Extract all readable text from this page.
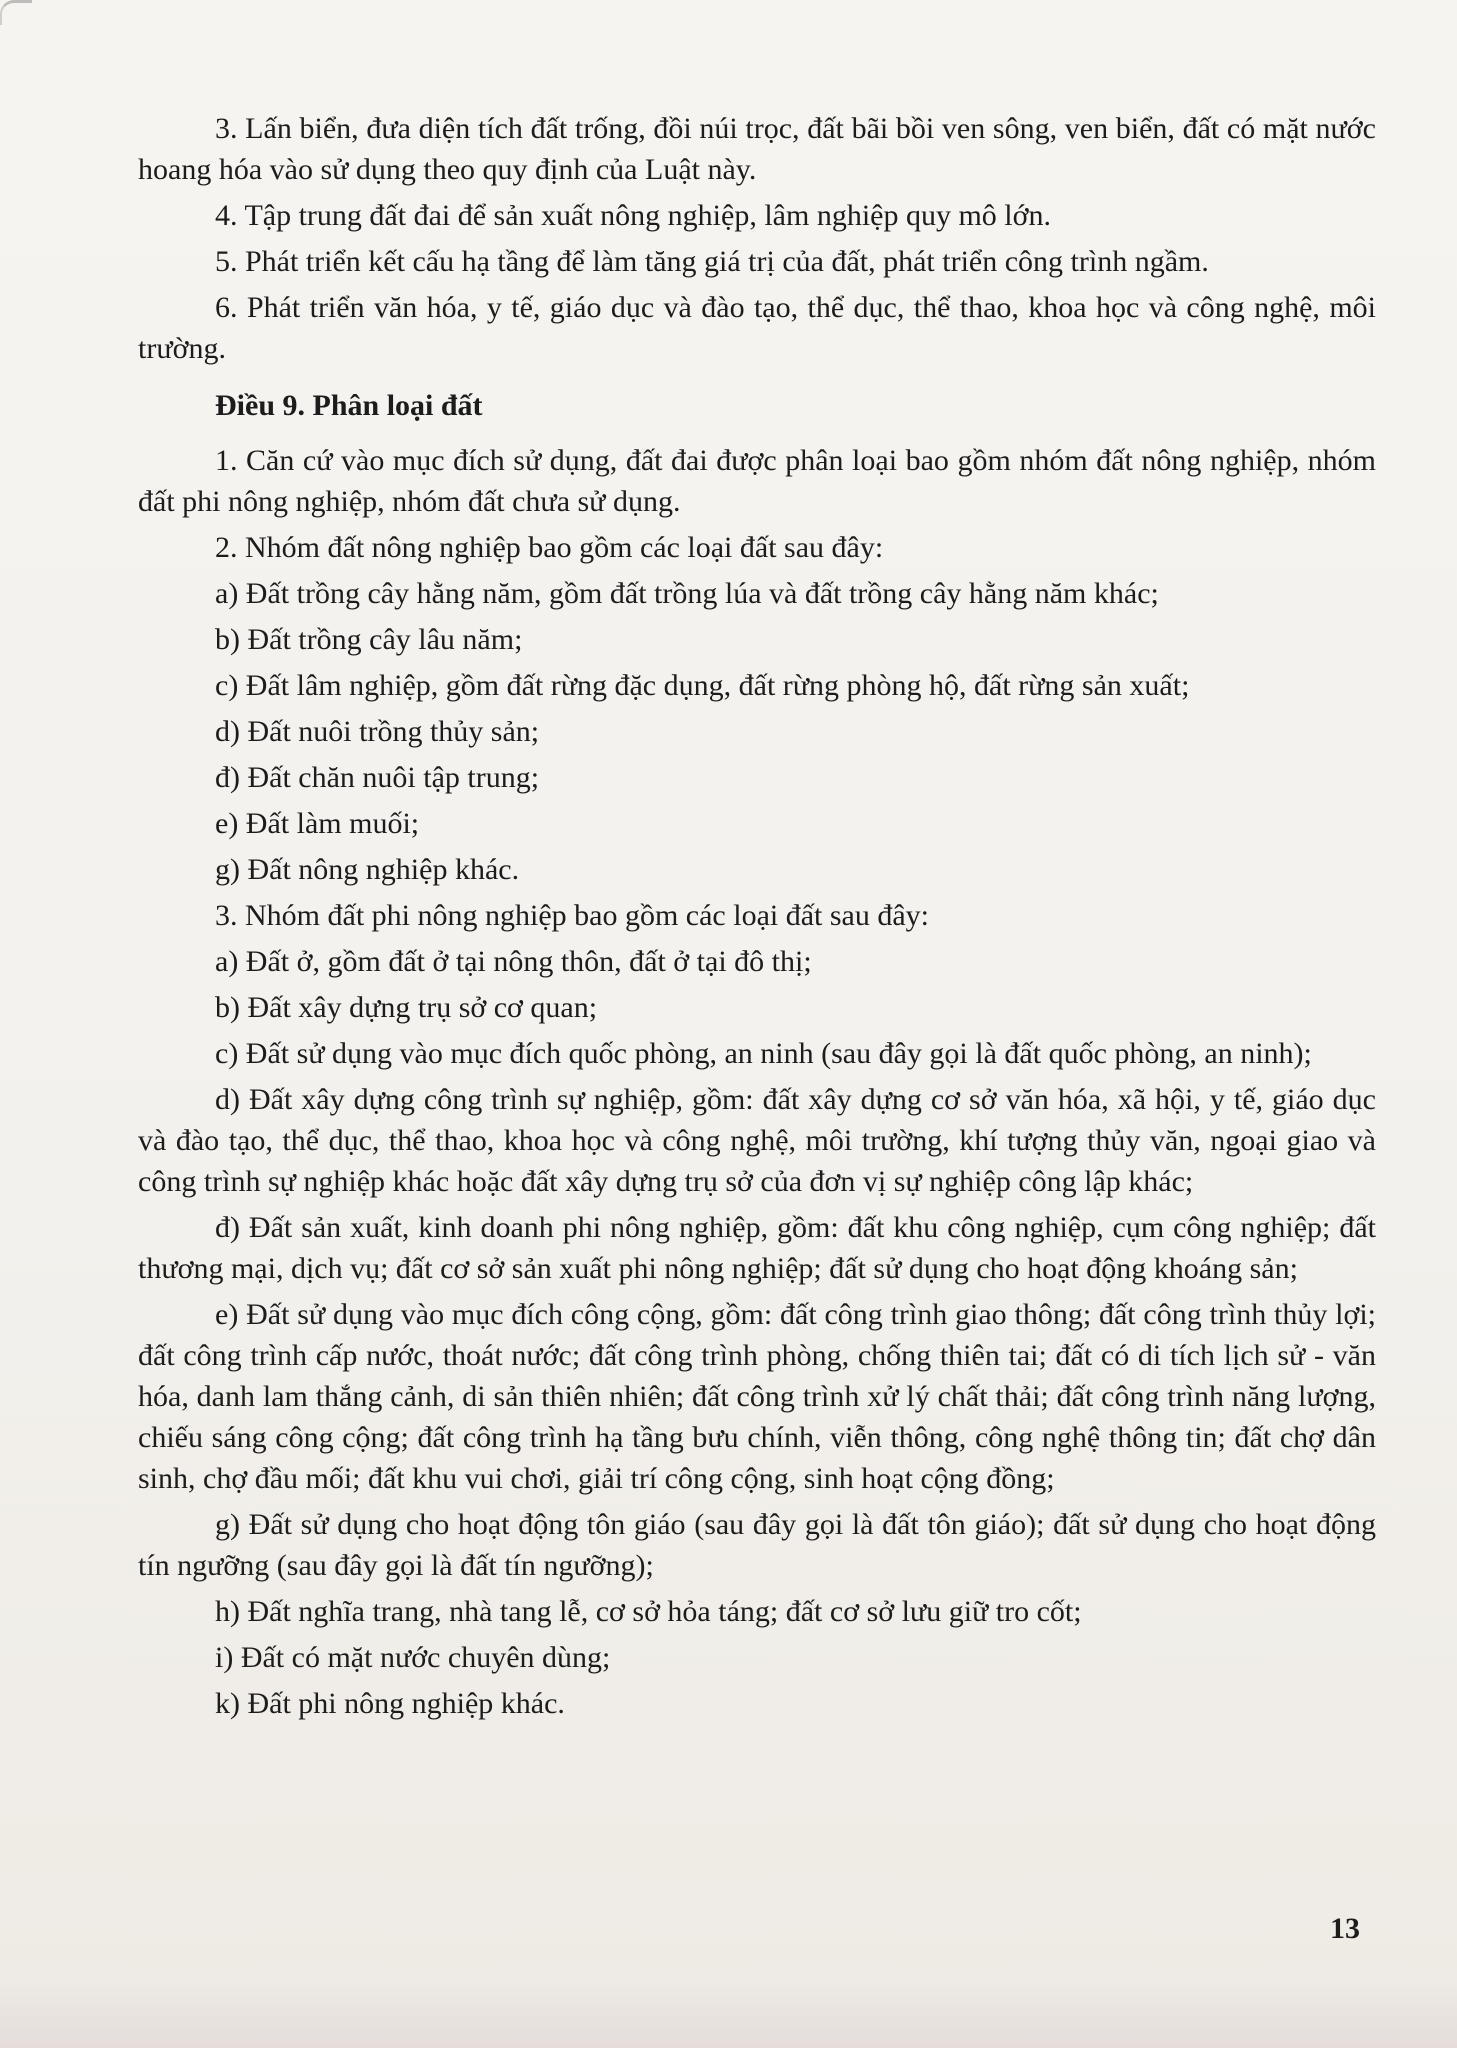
3. Lấn biển, đưa diện tích đất trống, đồi núi trọc, đất bãi bồi ven sông, ven biển, đất có mặt nước hoang hóa vào sử dụng theo quy định của Luật này.

4. Tập trung đất đai để sản xuất nông nghiệp, lâm nghiệp quy mô lớn.

5. Phát triển kết cấu hạ tầng để làm tăng giá trị của đất, phát triển công trình ngầm.

6. Phát triển văn hóa, y tế, giáo dục và đào tạo, thể dục, thể thao, khoa học và công nghệ, môi trường.

Điều 9. Phân loại đất

1. Căn cứ vào mục đích sử dụng, đất đai được phân loại bao gồm nhóm đất nông nghiệp, nhóm đất phi nông nghiệp, nhóm đất chưa sử dụng.

2. Nhóm đất nông nghiệp bao gồm các loại đất sau đây:

a) Đất trồng cây hằng năm, gồm đất trồng lúa và đất trồng cây hằng năm khác;

b) Đất trồng cây lâu năm;

c) Đất lâm nghiệp, gồm đất rừng đặc dụng, đất rừng phòng hộ, đất rừng sản xuất;

d) Đất nuôi trồng thủy sản;

đ) Đất chăn nuôi tập trung;

e) Đất làm muối;

g) Đất nông nghiệp khác.

3. Nhóm đất phi nông nghiệp bao gồm các loại đất sau đây:

a) Đất ở, gồm đất ở tại nông thôn, đất ở tại đô thị;

b) Đất xây dựng trụ sở cơ quan;

c) Đất sử dụng vào mục đích quốc phòng, an ninh (sau đây gọi là đất quốc phòng, an ninh);

d) Đất xây dựng công trình sự nghiệp, gồm: đất xây dựng cơ sở văn hóa, xã hội, y tế, giáo dục và đào tạo, thể dục, thể thao, khoa học và công nghệ, môi trường, khí tượng thủy văn, ngoại giao và công trình sự nghiệp khác hoặc đất xây dựng trụ sở của đơn vị sự nghiệp công lập khác;

đ) Đất sản xuất, kinh doanh phi nông nghiệp, gồm: đất khu công nghiệp, cụm công nghiệp; đất thương mại, dịch vụ; đất cơ sở sản xuất phi nông nghiệp; đất sử dụng cho hoạt động khoáng sản;

e) Đất sử dụng vào mục đích công cộng, gồm: đất công trình giao thông; đất công trình thủy lợi; đất công trình cấp nước, thoát nước; đất công trình phòng, chống thiên tai; đất có di tích lịch sử - văn hóa, danh lam thắng cảnh, di sản thiên nhiên; đất công trình xử lý chất thải; đất công trình năng lượng, chiếu sáng công cộng; đất công trình hạ tầng bưu chính, viễn thông, công nghệ thông tin; đất chợ dân sinh, chợ đầu mối; đất khu vui chơi, giải trí công cộng, sinh hoạt cộng đồng;

g) Đất sử dụng cho hoạt động tôn giáo (sau đây gọi là đất tôn giáo); đất sử dụng cho hoạt động tín ngưỡng (sau đây gọi là đất tín ngưỡng);

h) Đất nghĩa trang, nhà tang lễ, cơ sở hỏa táng; đất cơ sở lưu giữ tro cốt;

i) Đất có mặt nước chuyên dùng;

k) Đất phi nông nghiệp khác.

13
